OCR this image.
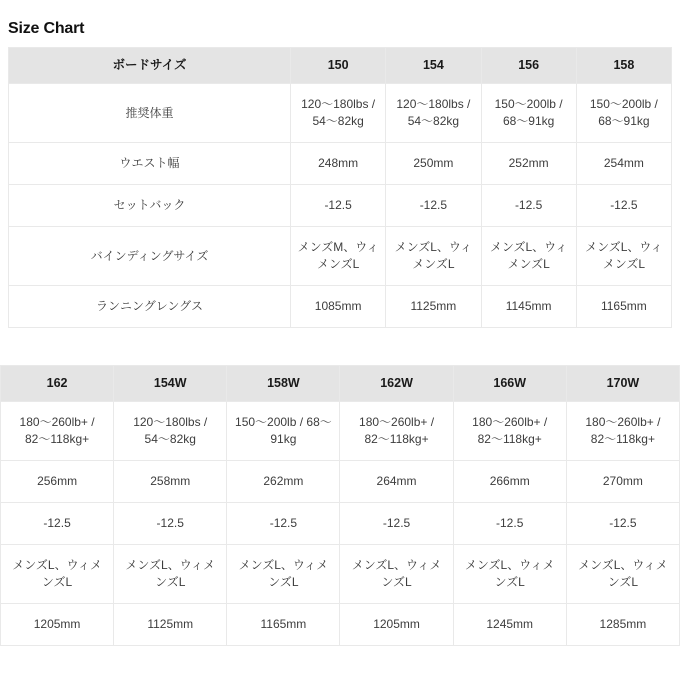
Size Chart
ボードサイズ	150	154	156	158
推奨体重	120〜180lbs / 54〜82kg	120〜180lbs / 54〜82kg	150〜200lb / 68〜91kg	150〜200lb / 68〜91kg
ウエスト幅	248mm	250mm	252mm	254mm
セットバック	-12.5	-12.5	-12.5	-12.5
バインディングサイズ	メンズM、ウィメンズL	メンズL、ウィメンズL	メンズL、ウィメンズL	メンズL、ウィメンズL
ランニングレングス	1085mm	1125mm	1145mm	1165mm
162	154W	158W	162W	166W	170W
180〜260lb+ / 82〜118kg+	120〜180lbs / 54〜82kg	150〜200lb / 68〜91kg	180〜260lb+ / 82〜118kg+	180〜260lb+ / 82〜118kg+	180〜260lb+ / 82〜118kg+
256mm	258mm	262mm	264mm	266mm	270mm
-12.5	-12.5	-12.5	-12.5	-12.5	-12.5
メンズL、ウィメンズL	メンズL、ウィメンズL	メンズL、ウィメンズL	メンズL、ウィメンズL	メンズL、ウィメンズL	メンズL、ウィメンズL
1205mm	1125mm	1165mm	1205mm	1245mm	1285mm
